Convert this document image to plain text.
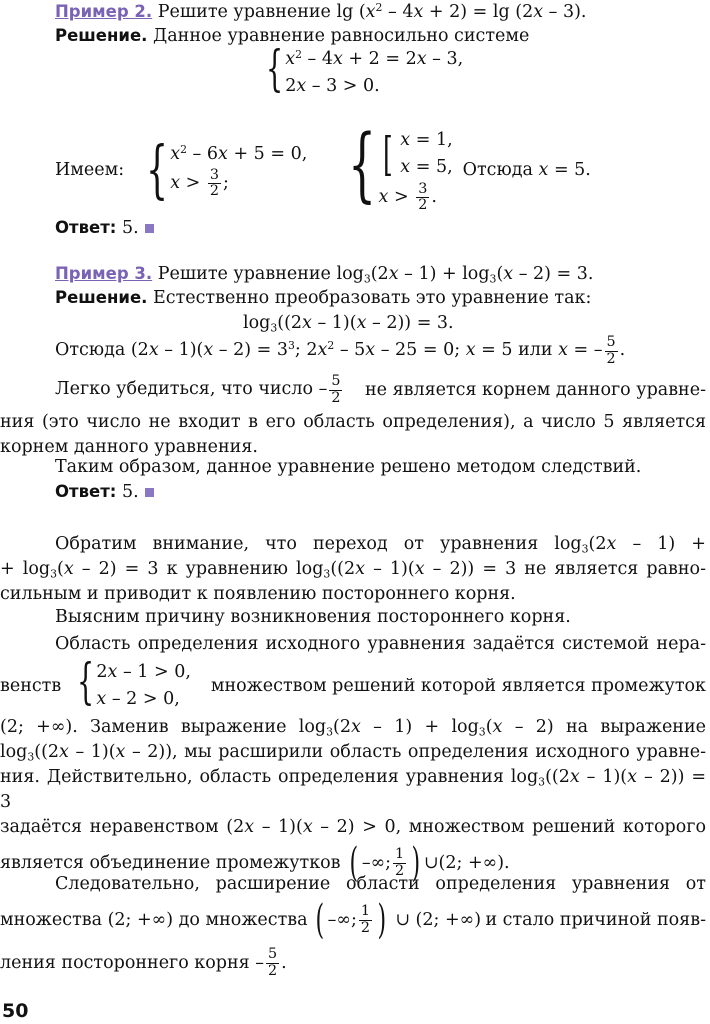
Пример 2. Решите уравнение $\lg (x^2 - 4x + 2) = \lg (2x - 3)$.
Решение. Данное уравнение равносильно системе
{ $x^2 - 4x + 2 = 2x - 3$,
2x – 3 > 0.
Имеем: { $x^2 - 6x + 5 = 0$,
$x > \frac{3}{2}$ ;	{ [ x = 1,
x = 5,
$x > \frac{3}{2}$ .
Отсюда x = 5.
Ответ: 5.
Пример 3. Решите уравнение $\log_3(2x - 1) + \log_3(x - 2) = 3$.
Решение. Естественно преобразовать это уравнение так:
$\log_3((2x - 1)(x - 2)) = 3$.
Отсюда $(2x - 1)(x - 2) = 3^3$; $2x^2 - 5x - 25 = 0$; x = 5 или x = – $\frac{5}{2}$ .
Легко убедиться, что число – $\frac{5}{2}$ не является корнем данного уравне-
ния (это число не входит в его область определения), а число 5 является
корнем данного уравнения.
Таким образом, данное уравнение решено методом следствий.
Ответ: 5.
Обратим внимание, что переход от уравнения $\log_3(2x - 1)$ +
+ $\log_3(x - 2) = 3$ к уравнению $\log_3((2x - 1)(x - 2)) = 3$ не является равно-
сильным и приводит к появлению постороннего корня.
Выясним причину возникновения постороннего корня.
Область определения исходного уравнения задаётся системой нера-
венств { 2x – 1 > 0,
x – 2 > 0,
множеством решений которой является промежуток
(2; +∞). Заменив выражение $\log_3(2x - 1) + \log_3(x - 2)$ на выражение
$\log_3((2x - 1)(x - 2))$, мы расширили область определения исходного уравне-
ния. Действительно, область определения уравнения $\log_3((2x - 1)(x - 2)) = 3$
задаётся неравенством (2x – 1)(x – 2) > 0, множеством решений которого
является объединение промежутков ( –∞; $\frac{1}{2}$ ) ∪(2; +∞).
Следовательно, расширение области определения уравнения от
множества (2; +∞) до множества ( –∞; $\frac{1}{2}$ ) ∪ (2; +∞) и стало причиной появ-
ления постороннего корня – $\frac{5}{2}$ .
50
